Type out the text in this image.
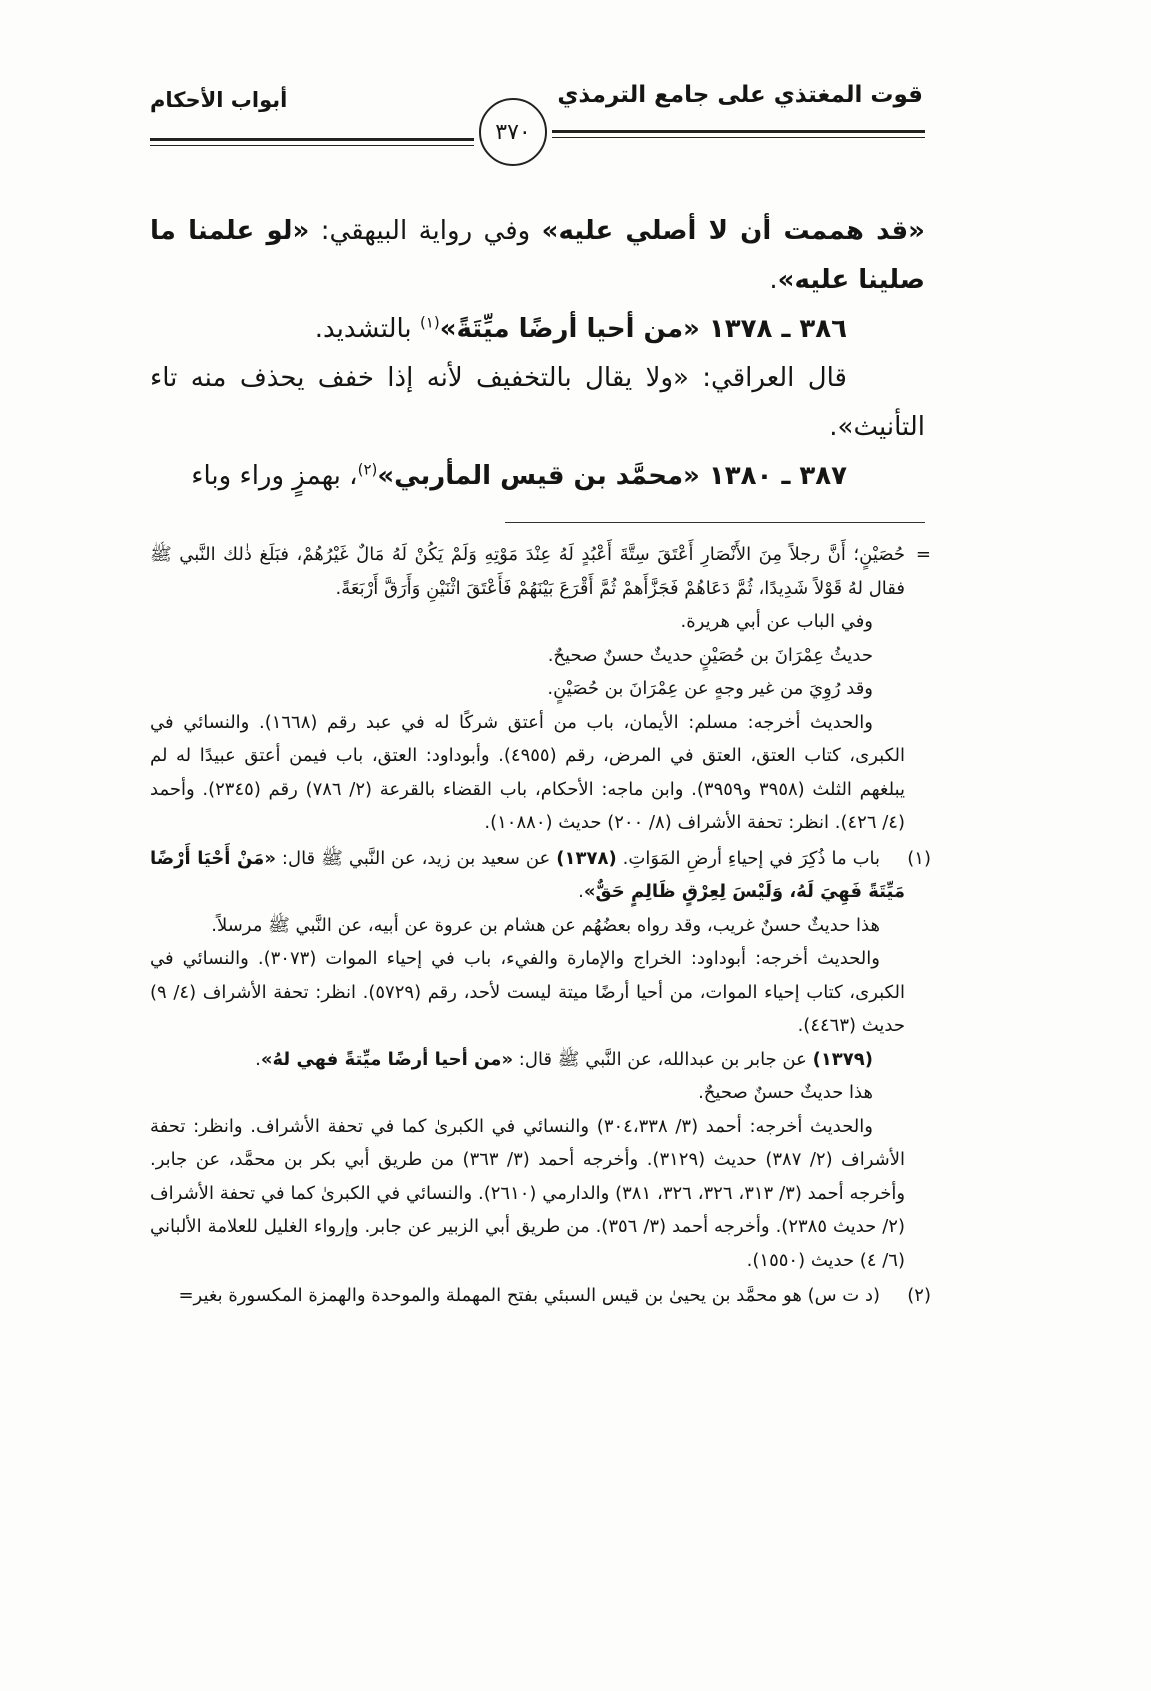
قوت المغتذي على جامع الترمذي
أبواب الأحكام
٣٧٠

«قد هممت أن لا أصلي عليه» وفي رواية البيهقي: «لو علمنا ما صلينا عليه».

٣٨٦ ـ ١٣٧٨ «من أحيا أرضًا ميِّتَةً»$^{(١)}$ بالتشديد.

قال العراقي: «ولا يقال بالتخفيف لأنه إذا خفف يحذف منه تاء التأنيث».

٣٨٧ ـ ١٣٨٠ «محمَّد بن قيس المأربي»$^{(٢)}$، بهمزٍ وراء وباء

=

حُصَيْنٍ؛ أَنَّ رجلاً مِنَ الأَنْصَارِ أَعْتَقَ سِتَّةَ أَعْبُدٍ لَهُ عِنْدَ مَوْتِهِ وَلَمْ يَكُنْ لَهُ مَالٌ غَيْرُهُمْ، فبَلَغ ذٰلك النَّبي ﷺ فقال لهُ قَوْلاً شَدِيدًا، ثُمَّ دَعَاهُمْ فَجَزَّأَهمْ ثُمَّ أَقْرَعَ بَيْنَهُمْ فَأَعْتَقَ اثْنَيْنِ وَأَرَقَّ أَرْبَعَةً.

وفي الباب عن أبي هريرة.

حديثُ عِمْرَانَ بن حُصَيْنٍ حديثٌ حسنٌ صحيحٌ.

وقد رُوِيَ من غير وجهٍ عن عِمْرَانَ بن حُصَيْنٍ.

والحديث أخرجه: مسلم: الأيمان، باب من أعتق شركًا له في عبد رقم (١٦٦٨). والنسائي في الكبرى، كتاب العتق، العتق في المرض، رقم (٤٩٥٥). وأبوداود: العتق، باب فيمن أعتق عبيدًا له لم يبلغهم الثلث (٣٩٥٨ و٣٩٥٩). وابن ماجه: الأحكام، باب القضاء بالقرعة (٢/ ٧٨٦) رقم (٢٣٤٥). وأحمد (٤/ ٤٢٦). انظر: تحفة الأشراف (٨/ ٢٠٠) حديث (١٠٨٨٠).

(١)

باب ما ذُكِرَ في إحياءِ أرضِ المَوَاتِ. (١٣٧٨) عن سعيد بن زيد، عن النَّبي ﷺ قال: «مَنْ أَحْيَا أَرْضًا مَيِّتَةً فَهِيَ لَهُ، وَلَيْسَ لِعِرْقٍ ظَالِمٍ حَقٌّ».

هذا حديثٌ حسنٌ غريب، وقد رواه بعضُهُم عن هشام بن عروة عن أبيه، عن النَّبي ﷺ مرسلاً.

والحديث أخرجه: أبوداود: الخراج والإمارة والفيء، باب في إحياء الموات (٣٠٧٣). والنسائي في الكبرى، كتاب إحياء الموات، من أحيا أرضًا ميتة ليست لأحد، رقم (٥٧٢٩). انظر: تحفة الأشراف (٤/ ٩) حديث (٤٤٦٣).

(١٣٧٩) عن جابر بن عبدالله، عن النَّبي ﷺ قال: «من أحيا أرضًا ميِّتةً فهي لهُ».

هذا حديثٌ حسنٌ صحيحٌ.

والحديث أخرجه: أحمد (٣/ ٣٠٤،٣٣٨) والنسائي في الكبرىٰ كما في تحفة الأشراف. وانظر: تحفة الأشراف (٢/ ٣٨٧) حديث (٣١٢٩). وأخرجه أحمد (٣/ ٣٦٣) من طريق أبي بكر بن محمَّد، عن جابر. وأخرجه أحمد (٣/ ٣١٣، ٣٢٦، ٣٢٦، ٣٨١) والدارمي (٢٦١٠). والنسائي في الكبرىٰ كما في تحفة الأشراف (٢/ حديث ٢٣٨٥). وأخرجه أحمد (٣/ ٣٥٦). من طريق أبي الزبير عن جابر. وإرواء الغليل للعلامة الألباني (٦/ ٤) حديث (١٥٥٠).

(٢)

(د ت س) هو محمَّد بن يحيىٰ بن قيس السبئي بفتح المهملة والموحدة والهمزة المكسورة بغير=
